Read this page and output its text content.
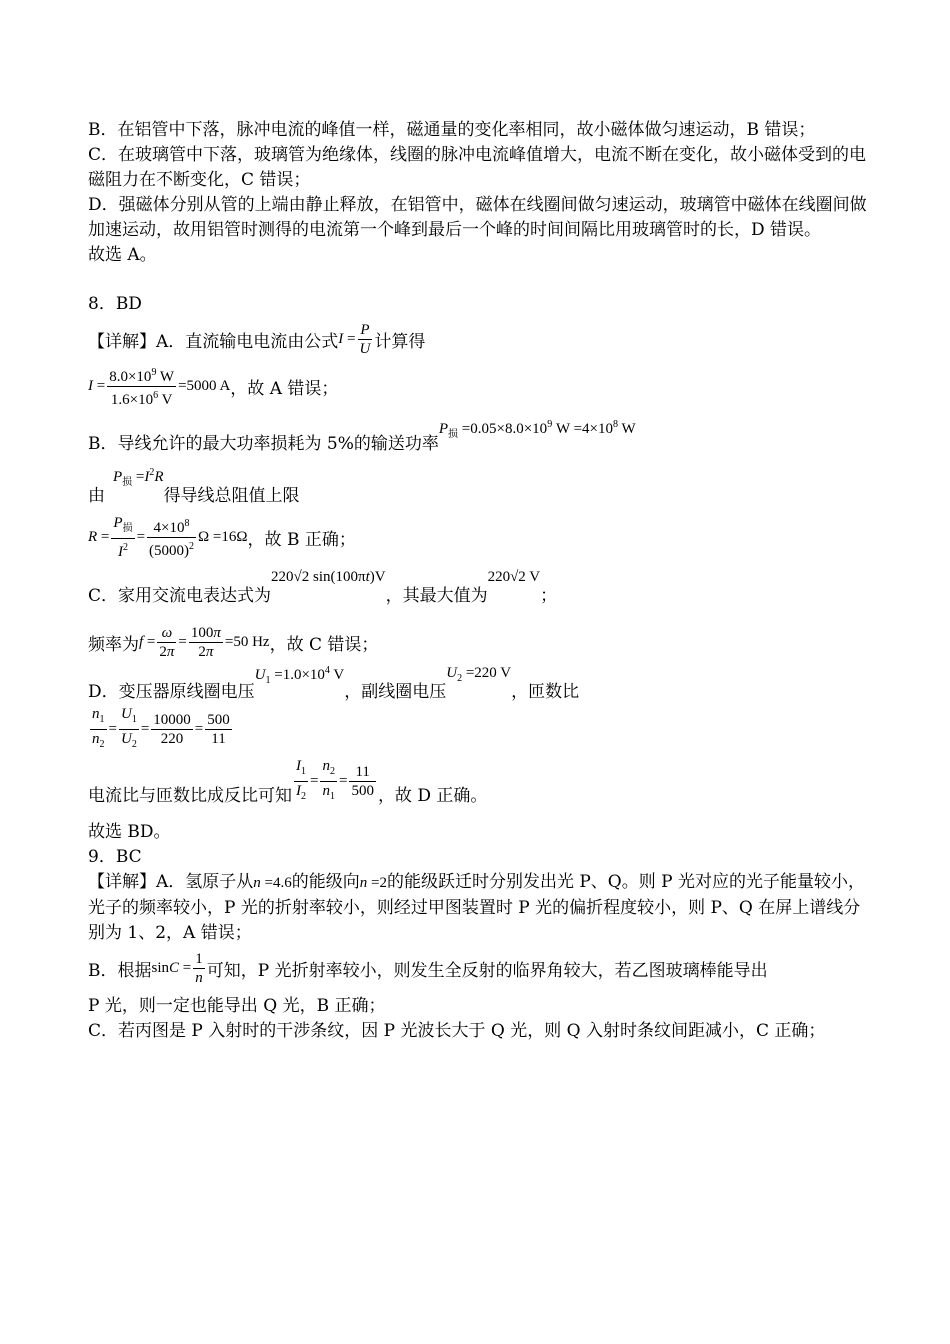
B．在铝管中下落，脉冲电流的峰值一样，磁通量的变化率相同，故小磁体做匀速运动，B 错误；

C．在玻璃管中下落，玻璃管为绝缘体，线圈的脉冲电流峰值增大，电流不断在变化，故小磁体受到的电磁阻力在不断变化，C 错误；

D．强磁体分别从管的上端由静止释放，在铝管中，磁体在线圈间做匀速运动，玻璃管中磁体在线圈间做加速运动，故用铝管时测得的电流第一个峰到最后一个峰的时间间隔比用玻璃管时的长，D 错误。

故选 A。

8．BD

【详解】A．直流输电电流由公式 $I = \frac{P}{U}$ 计算得
$I = \frac{8.0\times 10^9 W}{1.6\times 10^6 V} =5000$ A ，故 A 错误；
B．导线允许的最大功率损耗为 5%的输送功率
$P_损 =0.05\times 8.0\times 10^9$ $W =4\times 10^8$ W
由
$P_损 =I^2R$
得导线总阻值上限
$R = \frac{P_损}{I^2} = \frac{4\times 10^8}{(5000)^2}$ Ω =16Ω ，故 B 正确；
C．家用交流电表达式为
220√2 sin(100πt)V
，其最大值为
220√2 V
；
频率为 $f = \frac{\omega}{2\pi} = \frac{100\pi}{2\pi} =50$ Hz ，故 C 错误；
D．变压器原线圈电压
$U_1 =1.0\times 10^4$ V
，副线圈电压
$U_2 =220$ V
，匝数比
$\frac{n_1}{n_2} = \frac{U_1}{U_2} = \frac{10000}{220} = \frac{500}{11}$
电流比与匝数比成反比可知 $\frac{I_1}{I_2} = \frac{n_2}{n_1} = \frac{11}{500}$ ，故 D 正确。

故选 BD。

9．BC

【详解】A．氢原子从n =4.6的能级向n =2的能级跃迁时分别发出光 P、Q。则 P 光对应的光子能量较小，光子的频率较小，P 光的折射率较小，则经过甲图装置时 P 光的偏折程度较小，则 P、Q 在屏上谱线分别为 1、2，A 错误；

B．根据 $\sin C = \frac{1}{n}$ 可知，P 光折射率较小，则发生全反射的临界角较大，若乙图玻璃棒能导出

P 光，则一定也能导出 Q 光，B 正确；

C．若丙图是 P 入射时的干涉条纹，因 P 光波长大于 Q 光，则 Q 入射时条纹间距减小，C 正确；
